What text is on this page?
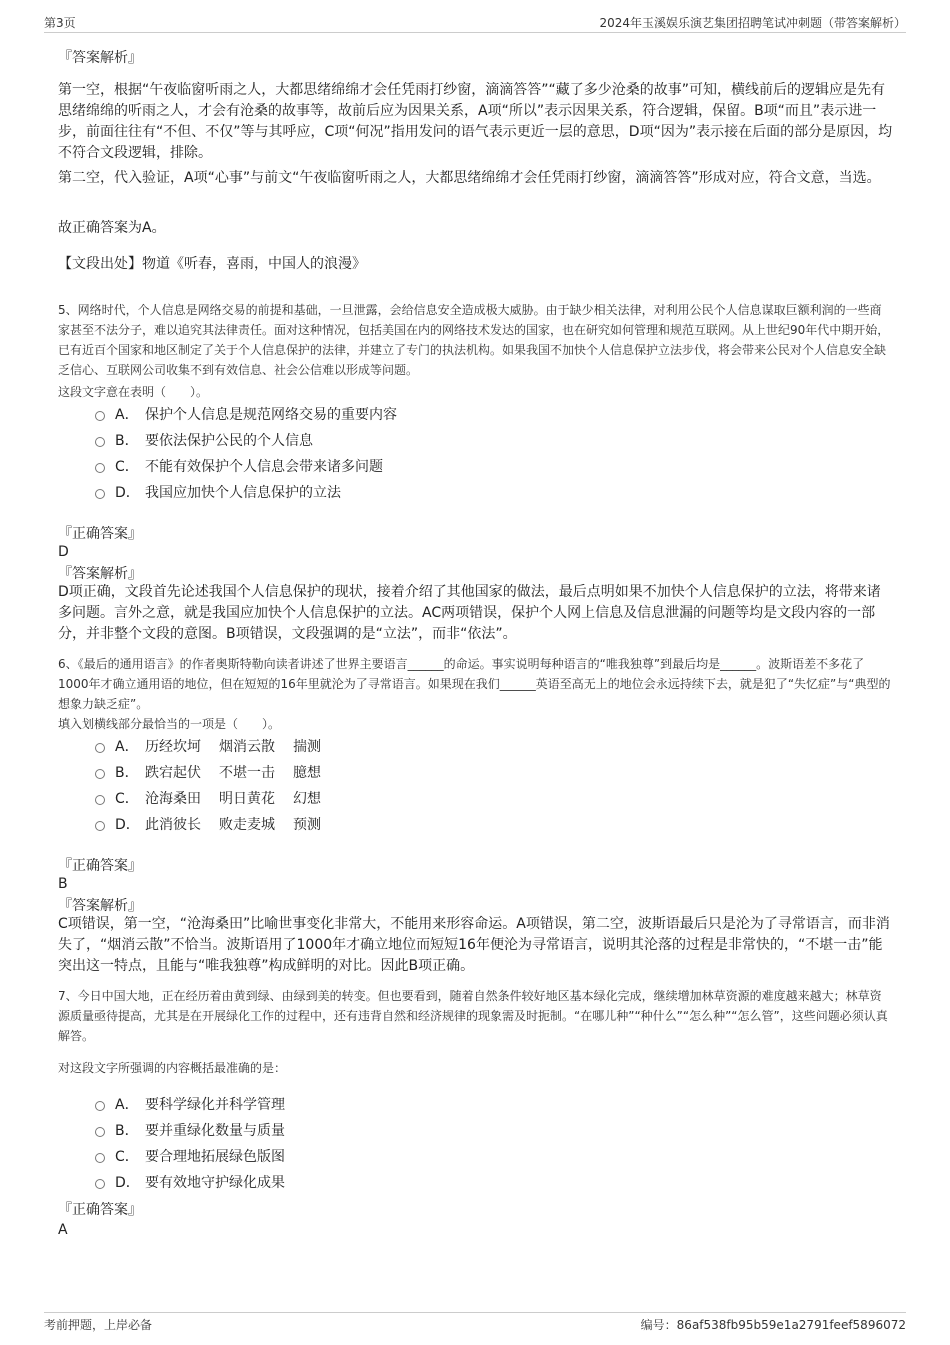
第3页	2024年玉溪娱乐演艺集团招聘笔试冲刺题（带答案解析）
『答案解析』
第一空，根据“午夜临窗听雨之人，大都思绪绵绵才会任凭雨打纱窗，滴滴答答”“藏了多少沧桑的故事”可知，横线前后的逻辑应是先有思绪绵绵的听雨之人，才会有沧桑的故事等，故前后应为因果关系，A项“所以”表示因果关系，符合逻辑，保留。B项“而且”表示进一步，前面往往有“不但、不仅”等与其呼应，C项“何况”指用发问的语气表示更近一层的意思，D项“因为”表示接在后面的部分是原因，均不符合文段逻辑，排除。
第二空，代入验证，A项“心事”与前文“午夜临窗听雨之人，大都思绪绵绵才会任凭雨打纱窗，滴滴答答”形成对应，符合文意，当选。
故正确答案为A。
【文段出处】物道《听春，喜雨，中国人的浪漫》
5、网络时代，个人信息是网络交易的前提和基础，一旦泄露，会给信息安全造成极大威胁。由于缺少相关法律，对利用公民个人信息谋取巨额利润的一些商家甚至不法分子，难以追究其法律责任。面对这种情况，包括美国在内的网络技术发达的国家，也在研究如何管理和规范互联网。从上世纪90年代中期开始，已有近百个国家和地区制定了关于个人信息保护的法律，并建立了专门的执法机构。如果我国不加快个人信息保护立法步伐，将会带来公民对个人信息安全缺乏信心、互联网公司收集不到有效信息、社会公信难以形成等问题。
这段文字意在表明（　　）。
A． 保护个人信息是规范网络交易的重要内容
B． 要依法保护公民的个人信息
C． 不能有效保护个人信息会带来诸多问题
D． 我国应加快个人信息保护的立法
『正确答案』
D
『答案解析』
D项正确，文段首先论述我国个人信息保护的现状，接着介绍了其他国家的做法，最后点明如果不加快个人信息保护的立法，将带来诸多问题。言外之意，就是我国应加快个人信息保护的立法。AC两项错误，保护个人网上信息及信息泄漏的问题等均是文段内容的一部分，并非整个文段的意图。B项错误，文段强调的是“立法”，而非“依法”。
6、《最后的通用语言》的作者奥斯特勒向读者讲述了世界主要语言______的命运。事实说明每种语言的“唯我独尊”到最后均是______。波斯语差不多花了1000年才确立通用语的地位，但在短短的16年里就沦为了寻常语言。如果现在我们______英语至高无上的地位会永远持续下去，就是犯了“失忆症”与“典型的想象力缺乏症”。
填入划横线部分最恰当的一项是（　　）。
A． 历经坎坷 烟消云散 揣测
B． 跌宕起伏 不堪一击 臆想
C． 沧海桑田 明日黄花 幻想
D． 此消彼长 败走麦城 预测
『正确答案』
B
『答案解析』
C项错误，第一空，“沧海桑田”比喻世事变化非常大，不能用来形容命运。A项错误，第二空，波斯语最后只是沦为了寻常语言，而非消失了，“烟消云散”不恰当。波斯语用了1000年才确立地位而短短16年便沦为寻常语言，说明其沦落的过程是非常快的，“不堪一击”能突出这一特点，且能与“唯我独尊”构成鲜明的对比。因此B项正确。
7、今日中国大地，正在经历着由黄到绿、由绿到美的转变。但也要看到，随着自然条件较好地区基本绿化完成，继续增加林草资源的难度越来越大；林草资源质量亟待提高，尤其是在开展绿化工作的过程中，还有违背自然和经济规律的现象需及时扼制。“在哪儿种”“种什么”“怎么种”“怎么管”，这些问题必须认真解答。
对这段文字所强调的内容概括最准确的是：
A． 要科学绿化并科学管理
B． 要并重绿化数量与质量
C． 要合理地拓展绿色版图
D． 要有效地守护绿化成果
『正确答案』
A
考前押题，上岸必备	编号：86af538fb95b59e1a2791feef5896072
